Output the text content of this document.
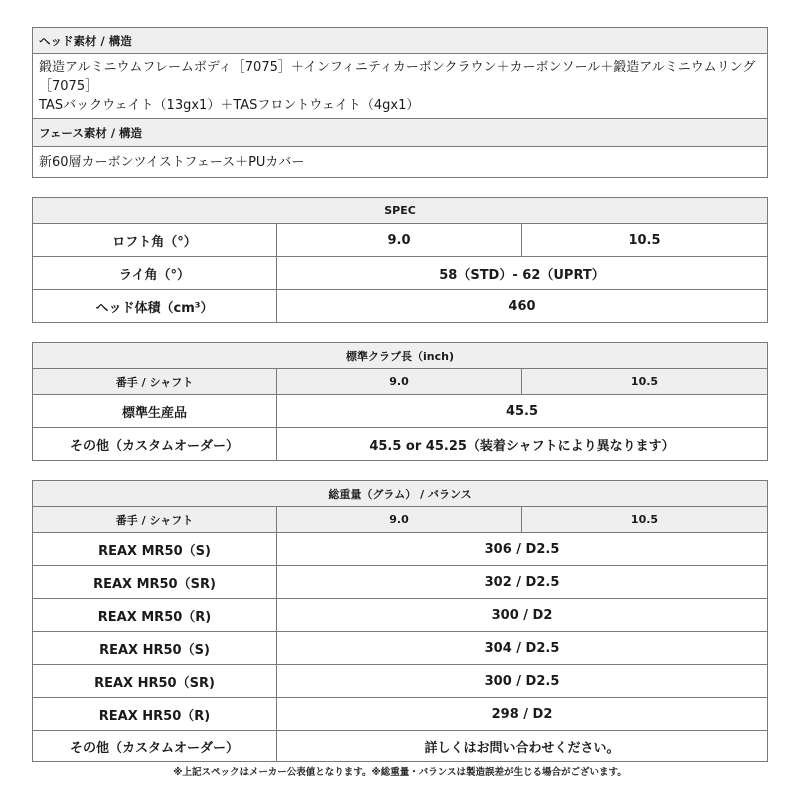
ヘッド素材 / 構造

鍛造アルミニウムフレームボディ［7075］＋インフィニティカーボンクラウン＋カーボンソール＋鍛造アルミニウムリング［7075］
TASバックウェイト（13gx1）＋TASフロントウェイト（4gx1）

フェース素材 / 構造
新60層カーボンツイストフェース＋PUカバー
SPEC		
ロフト角（°）	9.0	10.5
ライ角（°）	58（STD）- 62（UPRT）	
ヘッド体積（cm³）	460	
標準クラブ長（inch)		
番手 / シャフト	9.0	10.5
標準生産品	45.5	
その他（カスタムオーダー）	45.5 or 45.25（装着シャフトにより異なります）	
総重量（グラム） / バランス		
番手 / シャフト	9.0	10.5
REAX MR50（S)	306 / D2.5	
REAX MR50（SR)	302 / D2.5	
REAX MR50（R)	300 / D2	
REAX HR50（S)	304 / D2.5	
REAX HR50（SR)	300 / D2.5	
REAX HR50（R)	298 / D2	
その他（カスタムオーダー）	詳しくはお問い合わせください。	
※上記スペックはメーカー公表値となります。※総重量・バランスは製造誤差が生じる場合がございます。
